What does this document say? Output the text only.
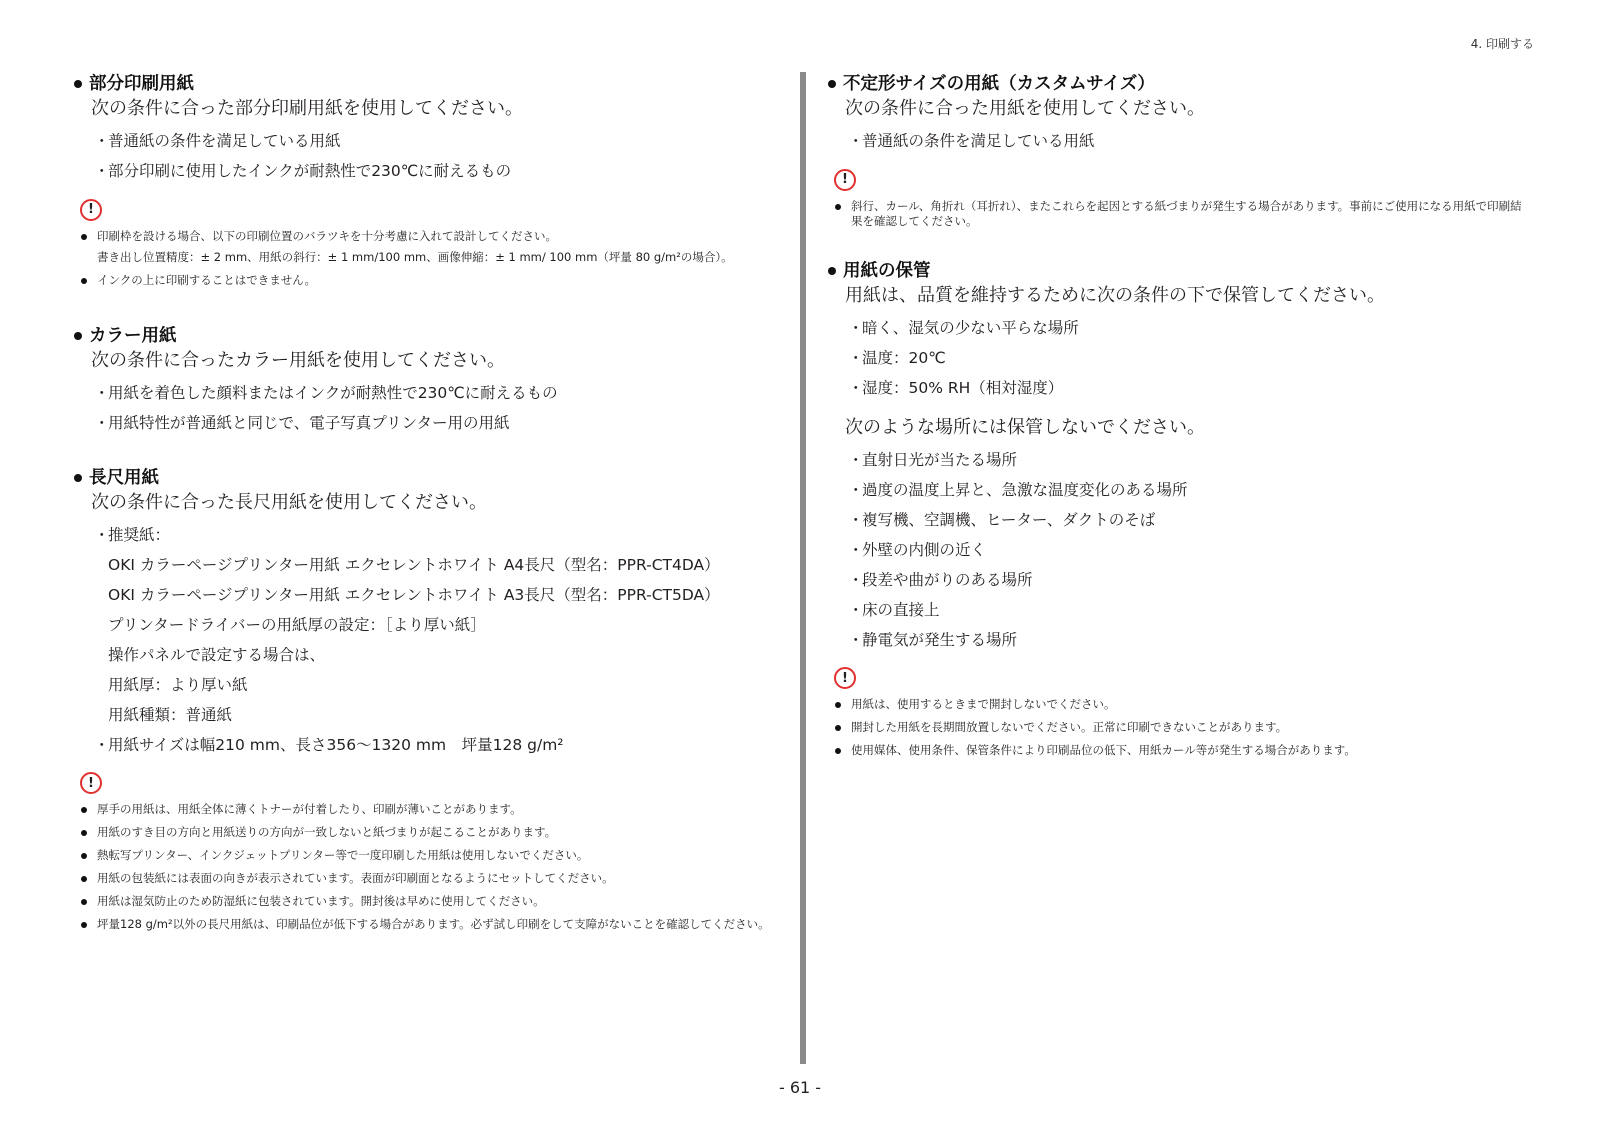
4. 印刷する
部分印刷用紙
次の条件に合った部分印刷用紙を使用してください。
・
普通紙の条件を満足している用紙
・
部分印刷に使用したインクが耐熱性で230℃に耐えるもの
!
印刷枠を設ける場合、以下の印刷位置のバラツキを十分考慮に入れて設計してください。
書き出し位置精度：± 2 mm、用紙の斜行：± 1 mm/100 mm、画像伸縮：± 1 mm/ 100 mm（坪量 80 g/m²の場合）。
インクの上に印刷することはできません。
カラー用紙
次の条件に合ったカラー用紙を使用してください。
・
用紙を着色した顔料またはインクが耐熱性で230℃に耐えるもの
・
用紙特性が普通紙と同じで、電子写真プリンター用の用紙
長尺用紙
次の条件に合った長尺用紙を使用してください。
・
推奨紙：
OKI カラーページプリンター用紙 エクセレントホワイト A4長尺（型名：PPR-CT4DA）
OKI カラーページプリンター用紙 エクセレントホワイト A3長尺（型名：PPR-CT5DA）
プリンタードライバーの用紙厚の設定：［より厚い紙］
操作パネルで設定する場合は、
用紙厚：より厚い紙
用紙種類：普通紙
・
用紙サイズは幅210 mm、長さ356～1320 mm　坪量128 g/m²
!
厚手の用紙は、用紙全体に薄くトナーが付着したり、印刷が薄いことがあります。
用紙のすき目の方向と用紙送りの方向が一致しないと紙づまりが起こることがあります。
熱転写プリンター、インクジェットプリンター等で一度印刷した用紙は使用しないでください。
用紙の包装紙には表面の向きが表示されています。表面が印刷面となるようにセットしてください。
用紙は湿気防止のため防湿紙に包装されています。開封後は早めに使用してください。
坪量128 g/m²以外の長尺用紙は、印刷品位が低下する場合があります。必ず試し印刷をして支障がないことを確認してください。
不定形サイズの用紙（カスタムサイズ）
次の条件に合った用紙を使用してください。
・
普通紙の条件を満足している用紙
!
斜行、カール、角折れ（耳折れ）、またこれらを起因とする紙づまりが発生する場合があります。事前にご使用になる用紙で印刷結果を確認してください。
用紙の保管
用紙は、品質を維持するために次の条件の下で保管してください。
・
暗く、湿気の少ない平らな場所
・
温度：20℃
・
湿度：50% RH（相対湿度）
次のような場所には保管しないでください。
・
直射日光が当たる場所
・
過度の温度上昇と、急激な温度変化のある場所
・
複写機、空調機、ヒーター、ダクトのそば
・
外壁の内側の近く
・
段差や曲がりのある場所
・
床の直接上
・
静電気が発生する場所
!
用紙は、使用するときまで開封しないでください。
開封した用紙を長期間放置しないでください。正常に印刷できないことがあります。
使用媒体、使用条件、保管条件により印刷品位の低下、用紙カール等が発生する場合があります。
- 61 -
